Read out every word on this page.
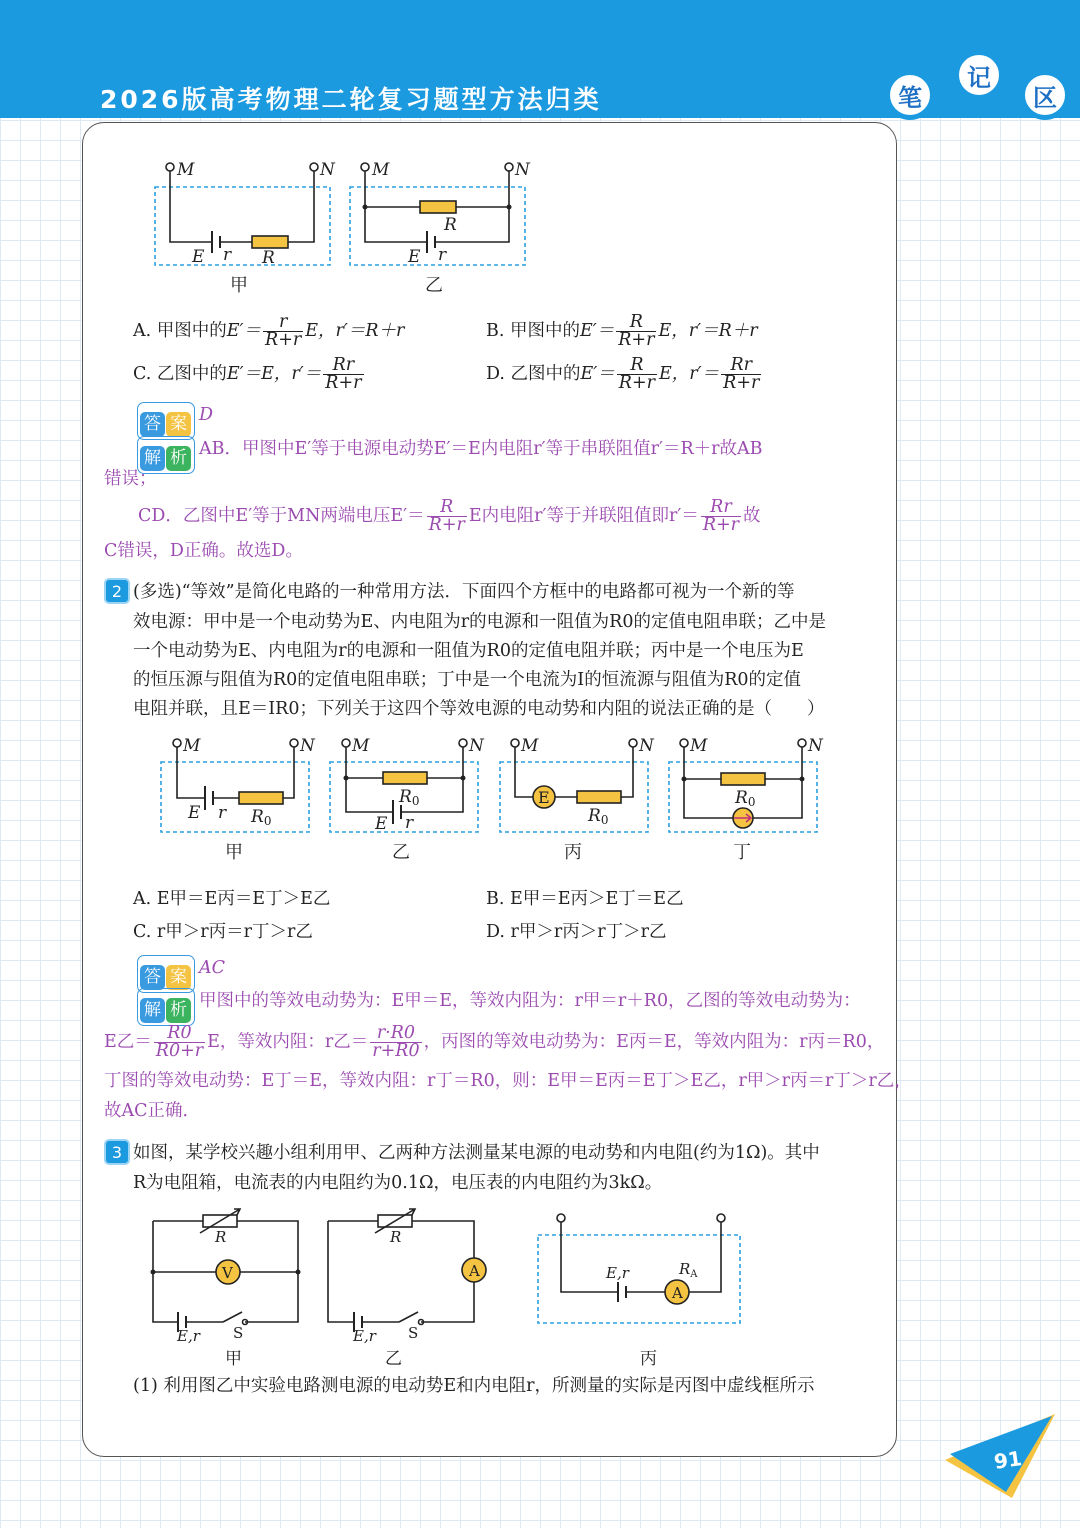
2026版高考物理二轮复习题型方法归类	笔
记
区
M	N
E r R
M	N
R
E r
甲	乙
A. 甲图中的$E'= \frac{r}{R+r}$ E，r′＝R＋r	B. 甲图中的$E'= \frac{R}{R+r}$ E，r′＝R＋r
C. 乙图中的E′＝E，$r'= \frac{Rr}{R+r}$	D. 乙图中的$E'= \frac{R}{R+r}$ E，$r'= \frac{Rr}{R+r}$
答 案 D
解 析 AB．甲图中E′等于电源电动势E′＝E内电阻r′等于串联阻值r′＝R＋r故AB
错误；
CD．乙图中E′等于MN两端电压$E'= \frac{R}{R+r}$ E内电阻r′等于并联阻值即$r'= \frac{Rr}{R+r}$ 故
C错误，D正确。故选D。
2 (多选)“等效”是简化电路的一种常用方法．下面四个方框中的电路都可视为一个新的等
效电源：甲中是一个电动势为E、内电阻为r的电源和一阻值为R0的定值电阻串联；乙中是
一个电动势为E、内电阻为r的电源和一阻值为R0的定值电阻并联；丙中是一个电压为E
的恒压源与阻值为R0的定值电阻串联；丁中是一个电流为I的恒流源与阻值为R0的定值
电阻并联，且E＝IR0；下列关于这四个等效电源的电动势和内阻的说法正确的是（　　）
M	N
E r R0
M	N
R0
E r
M	N
E
R0
M	N
R0
甲	乙	丙	丁
A. E甲＝E丙＝E丁＞E乙	B. E甲＝E丙＞E丁＝E乙
C. r甲＞r丙＝r丁＞r乙	D. r甲＞r丙＞r丁＞r乙
答 案 AC
解 析 甲图中的等效电动势为：E甲＝E，等效内阻为：r甲＝r＋R0，乙图的等效电动势为：
E乙＝ $\frac{R0}{R0+r}$ E，等效内阻：r乙＝ $\frac{r\cdot R0}{r+R0}$ ，丙图的等效电动势为：E丙＝E，等效内阻为：r丙＝R0，
丁图的等效电动势：E丁＝E，等效内阻：r丁＝R0，则：E甲＝E丙＝E丁＞E乙，r甲＞r丙＝r丁＞r乙，
故AC正确．
3 如图，某学校兴趣小组利用甲、乙两种方法测量某电源的电动势和内电阻(约为1Ω)。其中
R为电阻箱，电流表的内电阻约为0.1Ω，电压表的内电阻约为3kΩ。
R
V
E,r S
R
A
E,r S
E,r	$R_A$
A
甲	乙	丙
(1) 利用图乙中实验电路测电源的电动势E和内电阻r，所测量的实际是丙图中虚线框所示
91
